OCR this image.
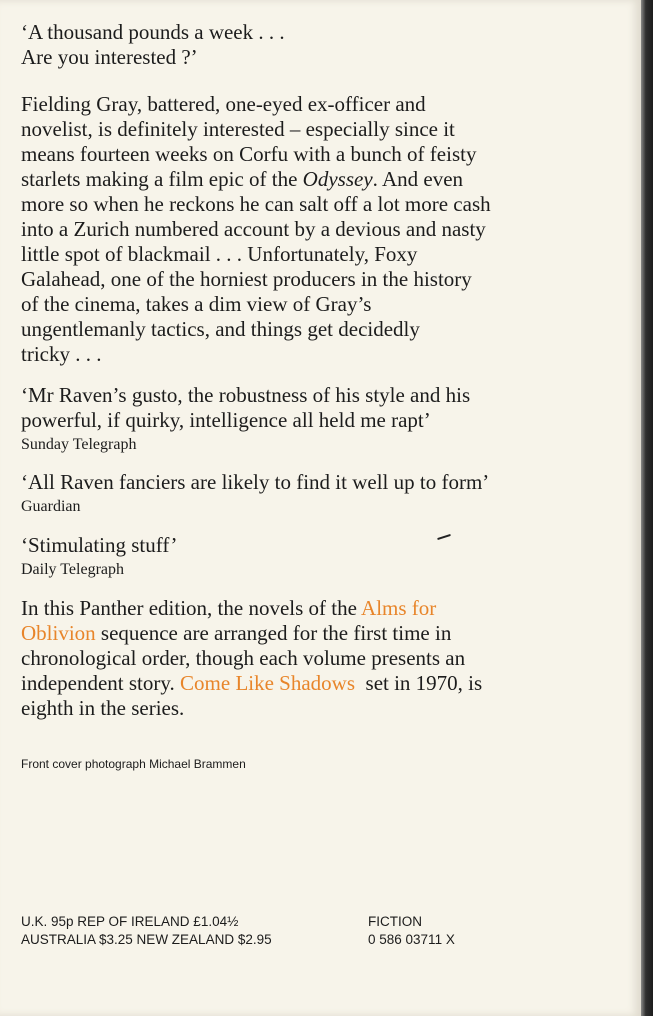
‘A thousand pounds a week . . .
Are you interested ?’
Fielding Gray, battered, one-eyed ex-officer and
novelist, is definitely interested – especially since it
means fourteen weeks on Corfu with a bunch of feisty
starlets making a film epic of the Odyssey. And even
more so when he reckons he can salt off a lot more cash
into a Zurich numbered account by a devious and nasty
little spot of blackmail . . . Unfortunately, Foxy
Galahead, one of the horniest producers in the history
of the cinema, takes a dim view of Gray’s
ungentlemanly tactics, and things get decidedly
tricky . . .
‘Mr Raven’s gusto, the robustness of his style and his
powerful, if quirky, intelligence all held me rapt’
Sunday Telegraph
‘All Raven fanciers are likely to find it well up to form’
Guardian
‘Stimulating stuff’
Daily Telegraph
In this Panther edition, the novels of the Alms for
Oblivion sequence are arranged for the first time in
chronological order, though each volume presents an
independent story. Come Like Shadows  set in 1970, is
eighth in the series.
Front cover photograph Michael Brammen
U.K. 95p REP OF IRELAND £1.04½
AUSTRALIA $3.25 NEW ZEALAND $2.95
FICTION
0 586 03711 X
